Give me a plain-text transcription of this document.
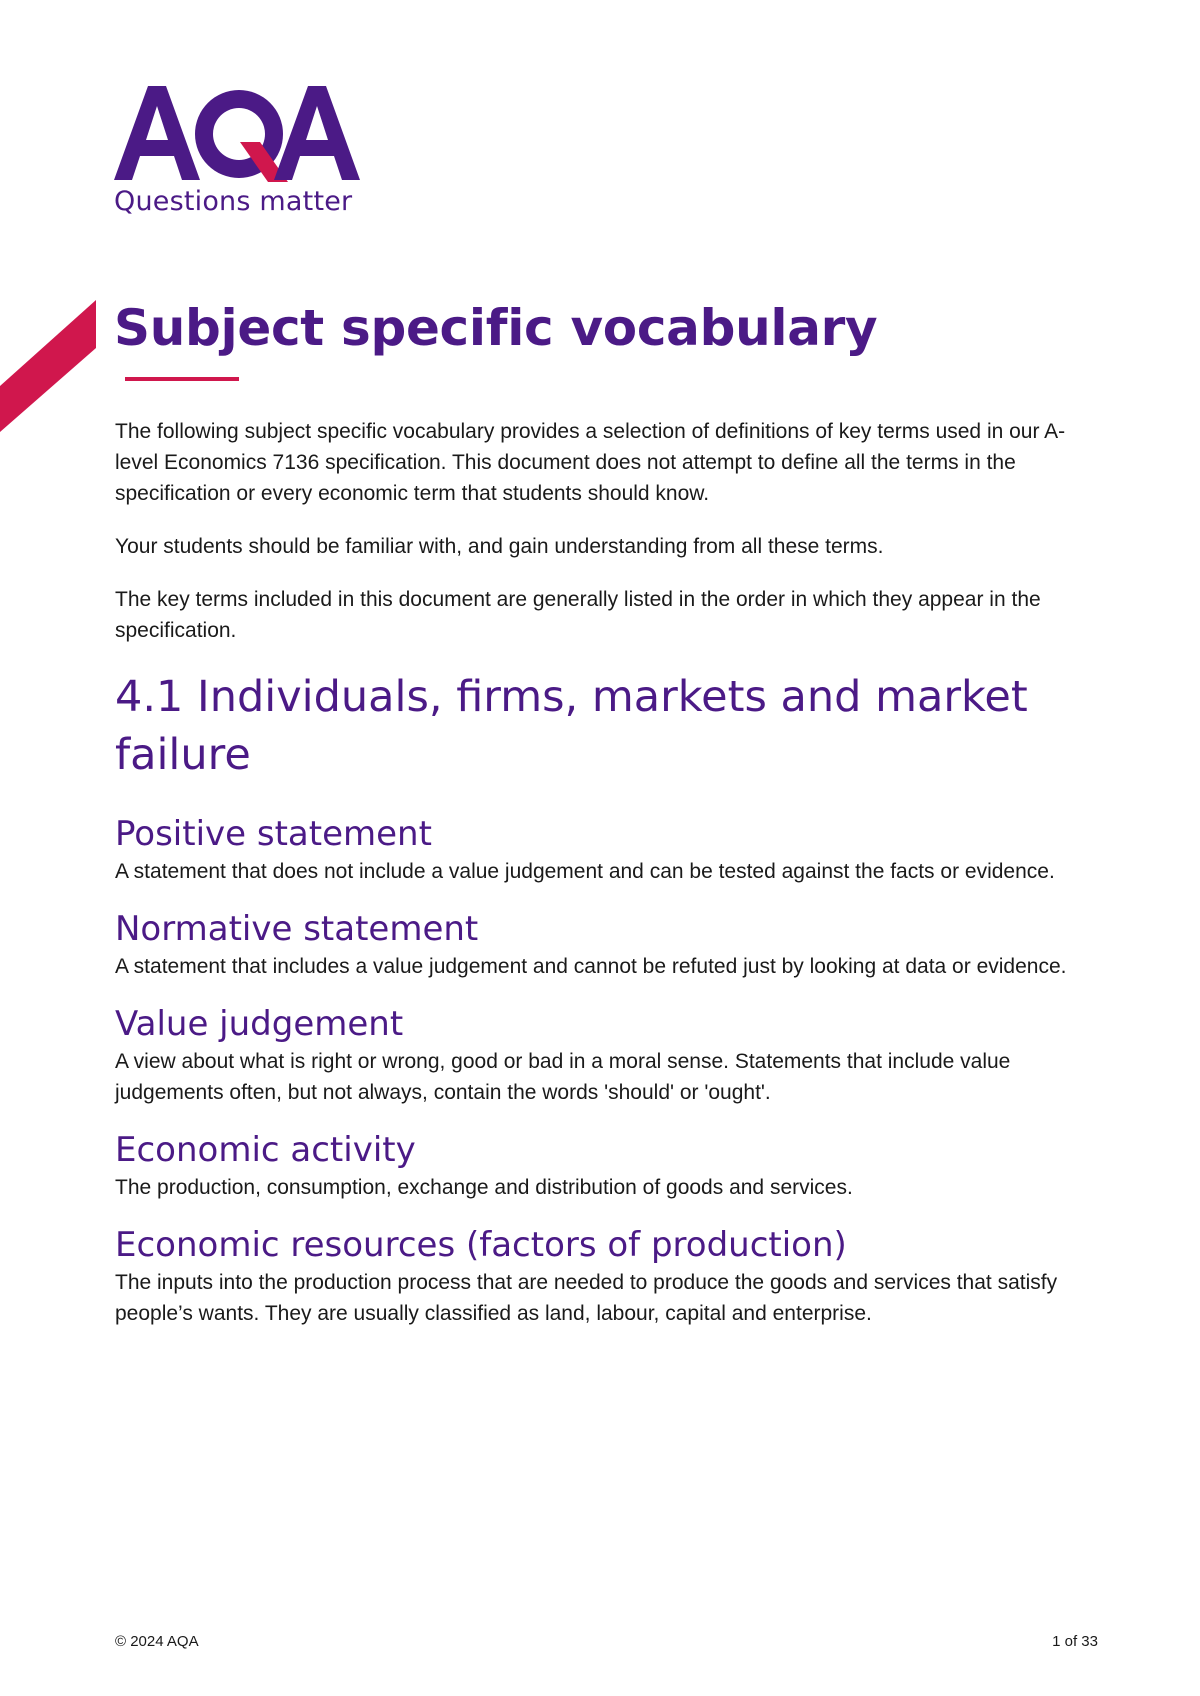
Questions matter
Subject specific vocabulary

The following subject specific vocabulary provides a selection of definitions of key terms used in our A-level Economics 7136 specification. This document does not attempt to define all the terms in the specification or every economic term that students should know.

Your students should be familiar with, and gain understanding from all these terms.

The key terms included in this document are generally listed in the order in which they appear in the specification.

4.1 Individuals, firms, markets and market failure
Positive statement

A statement that does not include a value judgement and can be tested against the facts or evidence.

Normative statement

A statement that includes a value judgement and cannot be refuted just by looking at data or evidence.

Value judgement

A view about what is right or wrong, good or bad in a moral sense. Statements that include value judgements often, but not always, contain the words 'should' or 'ought'.

Economic activity

The production, consumption, exchange and distribution of goods and services.

Economic resources (factors of production)

The inputs into the production process that are needed to produce the goods and services that satisfy people’s wants. They are usually classified as land, labour, capital and enterprise.

© 2024 AQA	1 of 33
